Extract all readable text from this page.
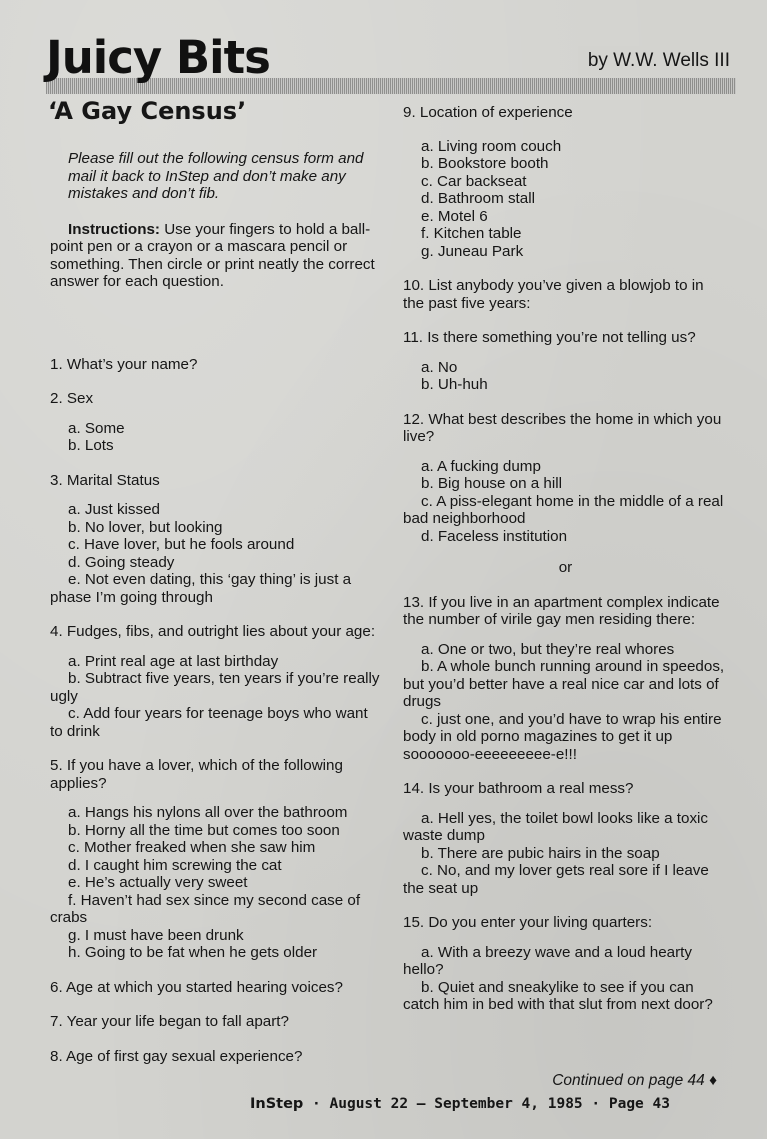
Juicy Bits	by W.W. Wells III
‘A Gay Census’

Please fill out the following census form and mail it back to InStep and don’t make any mistakes and don’t fib.

Instructions: Use your fingers to hold a ball-point pen or a crayon or a mascara pencil or something. Then circle or print neatly the correct answer for each question.

1. What’s your name?

2. Sex

a. Some
b. Lots

3. Marital Status

a. Just kissed
b. No lover, but looking
c. Have lover, but he fools around
d. Going steady
e. Not even dating, this ‘gay thing’ is just a phase I’m going through

4. Fudges, fibs, and outright lies about your age:

a. Print real age at last birthday
b. Subtract five years, ten years if you’re really ugly
c. Add four years for teenage boys who want to drink

5. If you have a lover, which of the following applies?

a. Hangs his nylons all over the bathroom
b. Horny all the time but comes too soon
c. Mother freaked when she saw him
d. I caught him screwing the cat
e. He’s actually very sweet
f. Haven’t had sex since my second case of crabs
g. I must have been drunk
h. Going to be fat when he gets older

6. Age at which you started hearing voices?

7. Year your life began to fall apart?

8. Age of first gay sexual experience?

9. Location of experience

a. Living room couch
b. Bookstore booth
c. Car backseat
d. Bathroom stall
e. Motel 6
f. Kitchen table
g. Juneau Park

10. List anybody you’ve given a blowjob to in the past five years:

11. Is there something you’re not telling us?

a. No
b. Uh-huh

12. What best describes the home in which you live?

a. A fucking dump
b. Big house on a hill
c. A piss-elegant home in the middle of a real bad neighborhood
d. Faceless institution
or

13. If you live in an apartment complex indicate the number of virile gay men residing there:

a. One or two, but they’re real whores
b. A whole bunch running around in speedos, but you’d better have a real nice car and lots of drugs
c. just one, and you’d have to wrap his entire body in old porno magazines to get it up sooooooo-eeeeeeeee-e!!!

14. Is your bathroom a real mess?

a. Hell yes, the toilet bowl looks like a toxic waste dump
b. There are pubic hairs in the soap
c. No, and my lover gets real sore if I leave the seat up

15. Do you enter your living quarters:

a. With a breezy wave and a loud hearty hello?
b. Quiet and sneakylike to see if you can catch him in bed with that slut from next door?
Continued on page 44 ♦
InStep · August 22 – September 4, 1985 · Page 43
